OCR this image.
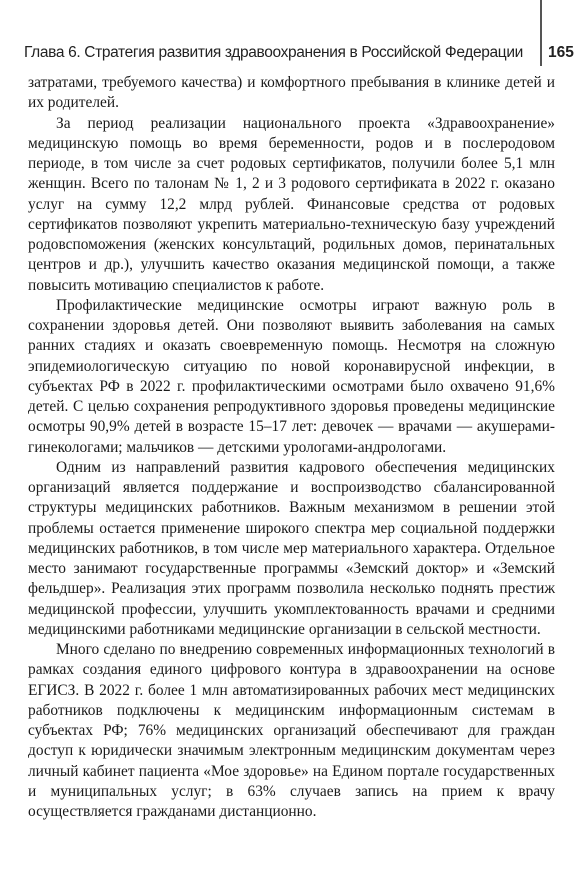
Глава 6. Стратегия развития здравоохранения в Российской Федерации	165

затратами, требуемого качества) и комфортного пребывания в клинике детей и их родителей.

За период реализации национального проекта «Здравоохранение» медицинскую помощь во время беременности, родов и в послеродовом периоде, в том числе за счет родовых сертификатов, получили более 5,1 млн женщин. Всего по талонам № 1, 2 и 3 родового сертификата в 2022 г. оказано услуг на сумму 12,2 млрд рублей. Финансовые средства от родовых сертификатов позволяют укрепить материально-техническую базу учреждений родовспоможения (женских консультаций, родильных домов, перинатальных центров и др.), улучшить качество оказания медицинской помощи, а также повысить мотивацию специалистов к работе.

Профилактические медицинские осмотры играют важную роль в сохранении здоровья детей. Они позволяют выявить заболевания на самых ранних стадиях и оказать своевременную помощь. Несмотря на сложную эпидемиологическую ситуацию по новой коронавирусной инфекции, в субъектах РФ в 2022 г. профилактическими осмотрами было охвачено 91,6% детей. С целью сохранения репродуктивного здоровья проведены медицинские осмотры 90,9% детей в возрасте 15–17 лет: девочек — врачами — акушерами-гинекологами; мальчиков — детскими урологами-андрологами.

Одним из направлений развития кадрового обеспечения медицинских организаций является поддержание и воспроизводство сбалансированной структуры медицинских работников. Важным механизмом в решении этой проблемы остается применение широкого спектра мер социальной поддержки медицинских работников, в том числе мер материального характера. Отдельное место занимают государственные программы «Земский доктор» и «Земский фельдшер». Реализация этих программ позволила несколько поднять престиж медицинской профессии, улучшить укомплектованность врачами и средними медицинскими работниками медицинские организации в сельской местности.

Много сделано по внедрению современных информационных технологий в рамках создания единого цифрового контура в здравоохранении на основе ЕГИСЗ. В 2022 г. более 1 млн автоматизированных рабочих мест медицинских работников подключены к медицинским информационным системам в субъектах РФ; 76% медицинских организаций обеспечивают для граждан доступ к юридически значимым электронным медицинским документам через личный кабинет пациента «Мое здоровье» на Едином портале государственных и муниципальных услуг; в 63% случаев запись на прием к врачу осуществляется гражданами дистанционно.
